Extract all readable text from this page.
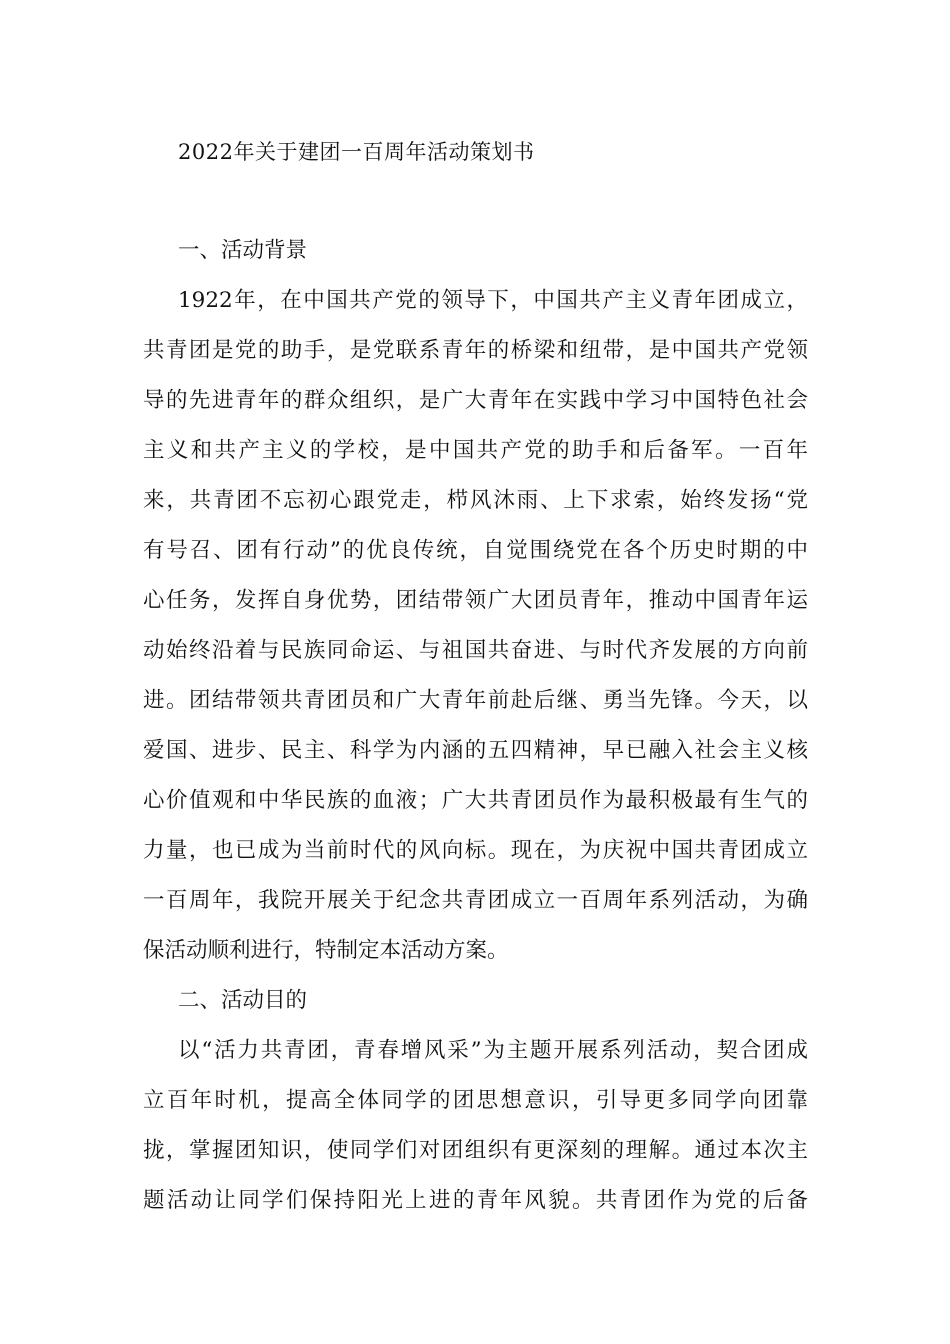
2022年关于建团一百周年活动策划书
一、活动背景
1922年，在中国共产党的领导下，中国共产主义青年团成立，
共青团是党的助手，是党联系青年的桥梁和纽带，是中国共产党领
导的先进青年的群众组织，是广大青年在实践中学习中国特色社会
主义和共产主义的学校，是中国共产党的助手和后备军。一百年
来，共青团不忘初心跟党走，栉风沐雨、上下求索，始终发扬“党
有号召、团有行动”的优良传统，自觉围绕党在各个历史时期的中
心任务，发挥自身优势，团结带领广大团员青年，推动中国青年运
动始终沿着与民族同命运、与祖国共奋进、与时代齐发展的方向前
进。团结带领共青团员和广大青年前赴后继、勇当先锋。今天，以
爱国、进步、民主、科学为内涵的五四精神，早已融入社会主义核
心价值观和中华民族的血液；广大共青团员作为最积极最有生气的
力量，也已成为当前时代的风向标。现在，为庆祝中国共青团成立
一百周年，我院开展关于纪念共青团成立一百周年系列活动，为确
保活动顺利进行，特制定本活动方案。
二、活动目的
以“活力共青团，青春增风采”为主题开展系列活动，契合团成
立百年时机，提高全体同学的团思想意识，引导更多同学向团靠
拢，掌握团知识，使同学们对团组织有更深刻的理解。通过本次主
题活动让同学们保持阳光上进的青年风貌。共青团作为党的后备
